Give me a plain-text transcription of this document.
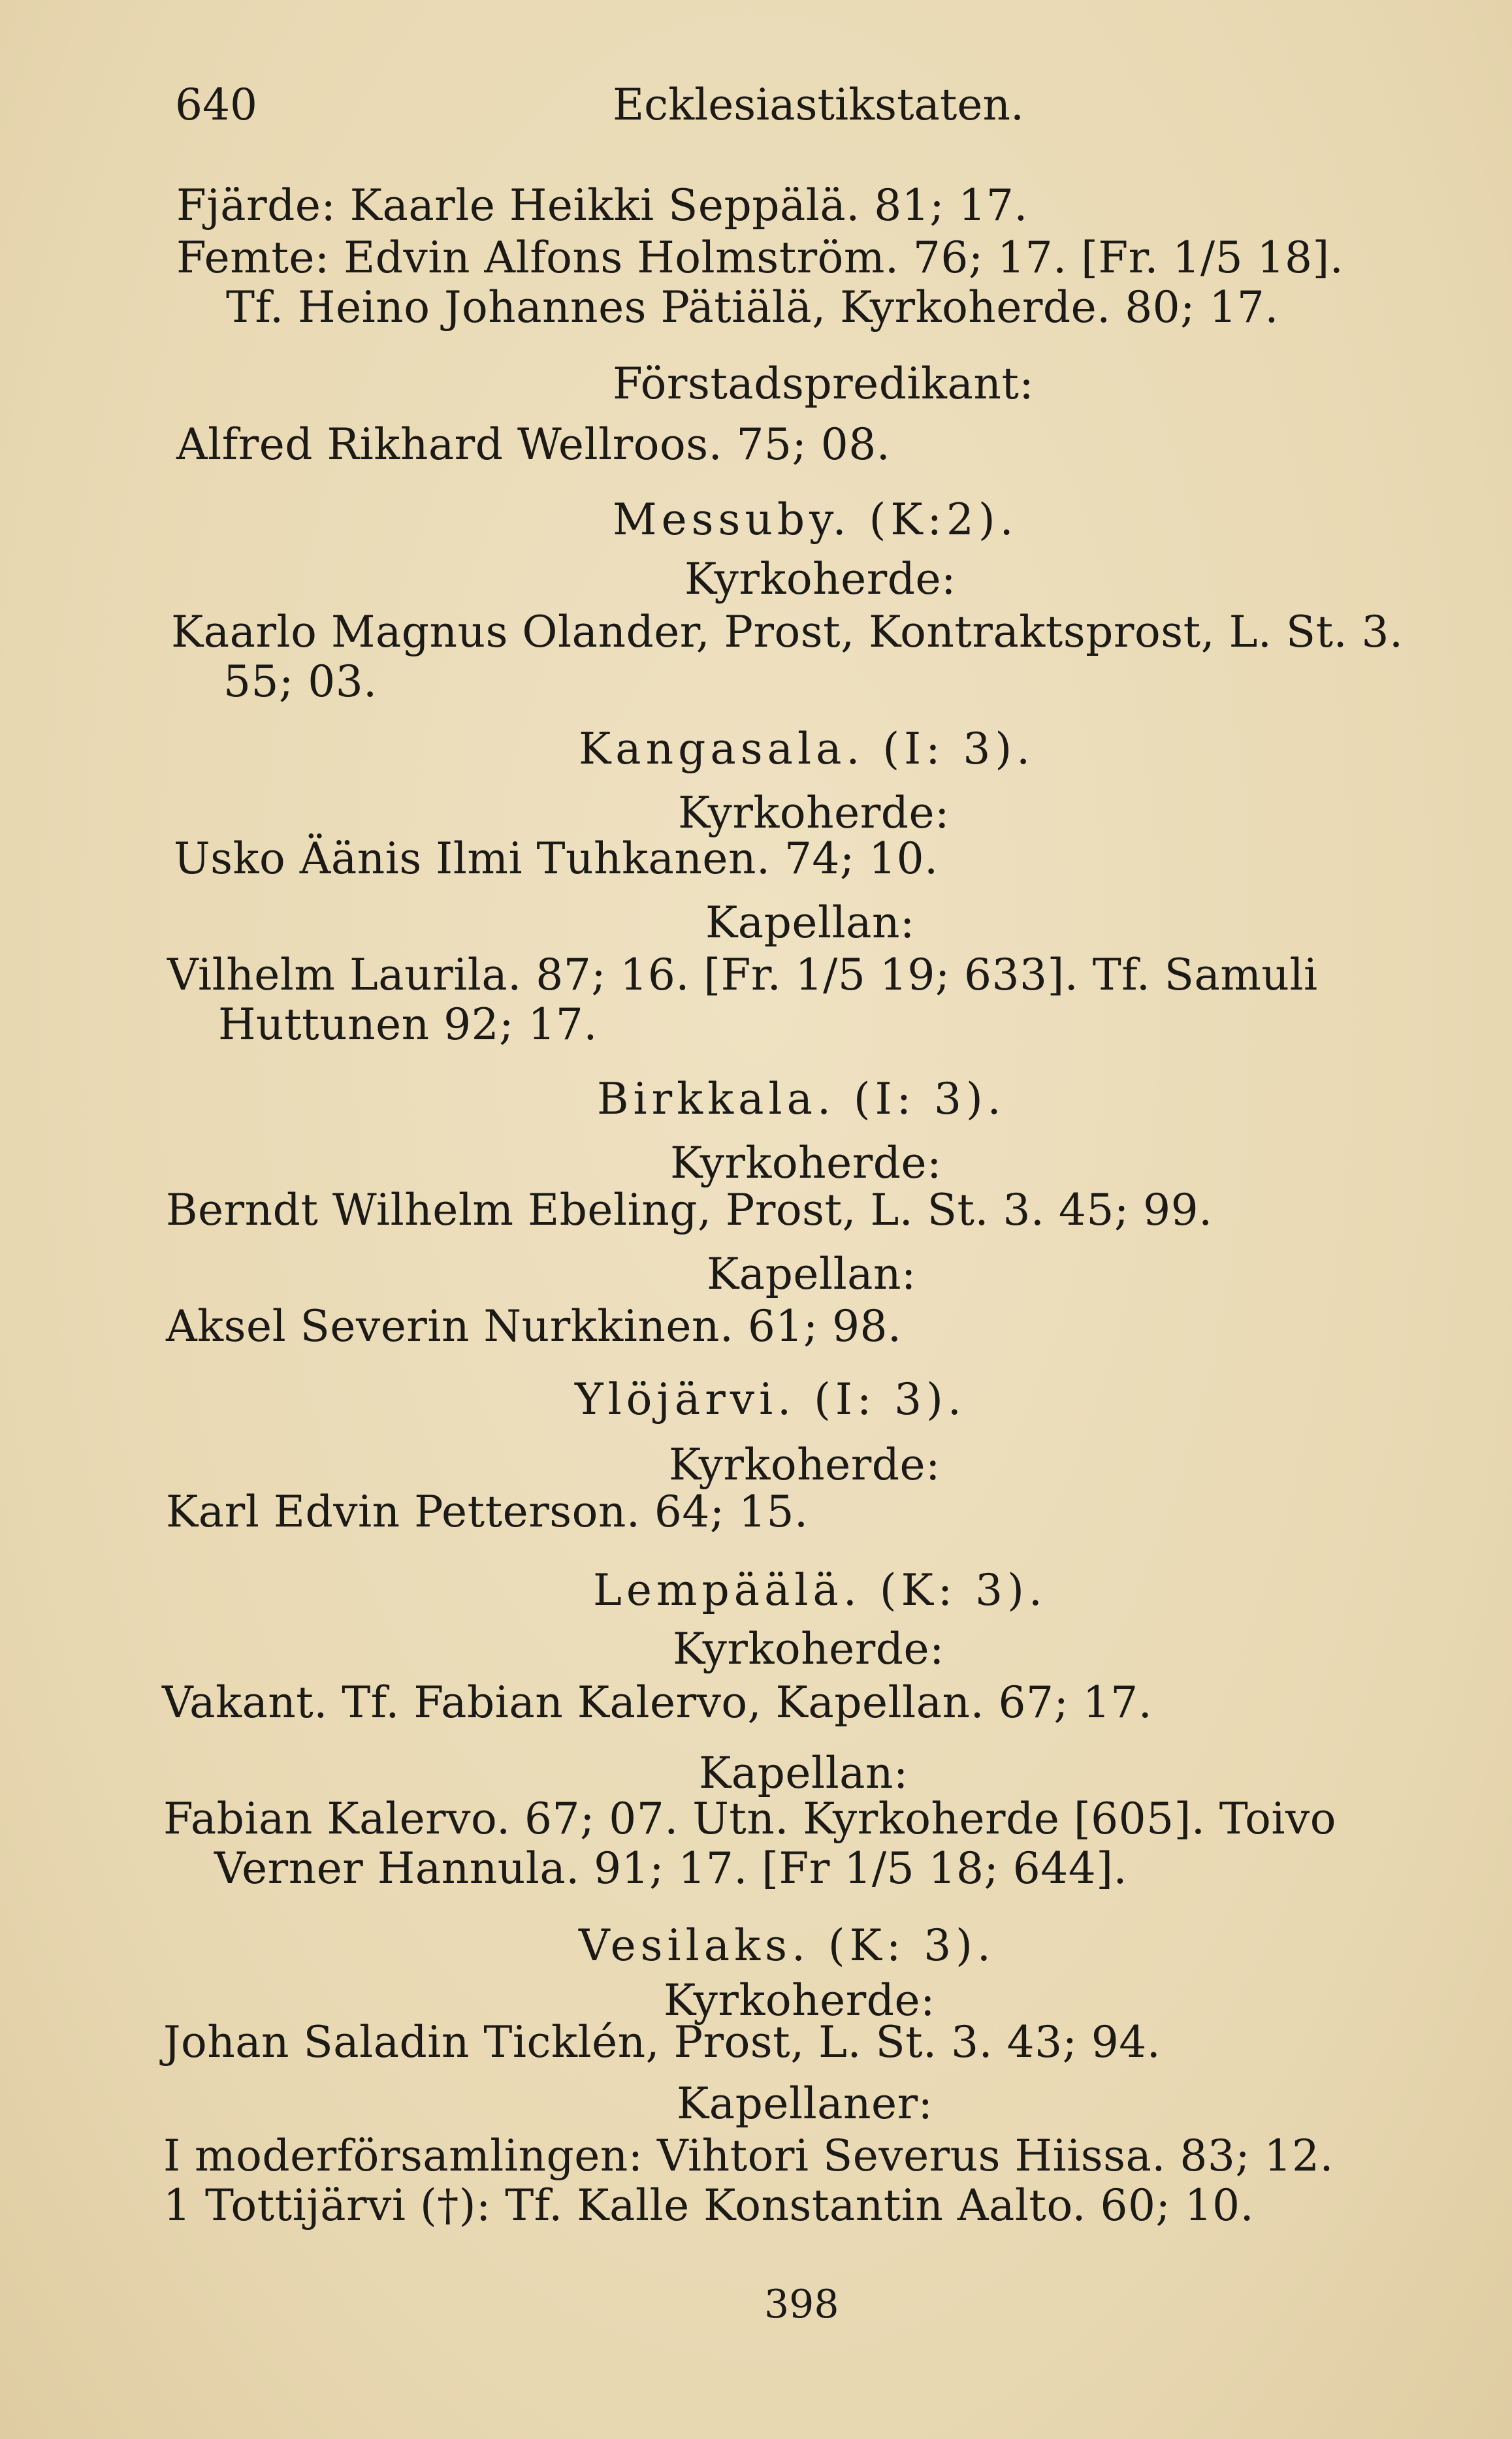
640	Ecklesiastikstaten.
Fjärde: Kaarle Heikki Seppälä. 81; 17.
Femte: Edvin Alfons Holmström. 76; 17. [Fr. 1/5 18].
Tf. Heino Johannes Pätiälä, Kyrkoherde. 80; 17.
Förstadspredikant:
Alfred Rikhard Wellroos. 75; 08.
Messuby. (K:2).
Kyrkoherde:
Kaarlo Magnus Olander, Prost, Kontraktsprost, L. St. 3.
55; 03.
Kangasala. (I: 3).
Kyrkoherde:
Usko Äänis Ilmi Tuhkanen. 74; 10.
Kapellan:
Vilhelm Laurila. 87; 16. [Fr. 1/5 19; 633]. Tf. Samuli
Huttunen 92; 17.
Birkkala. (I: 3).
Kyrkoherde:
Berndt Wilhelm Ebeling, Prost, L. St. 3. 45; 99.
Kapellan:
Aksel Severin Nurkkinen. 61; 98.
Ylöjärvi. (I: 3).
Kyrkoherde:
Karl Edvin Petterson. 64; 15.
Lempäälä. (K: 3).
Kyrkoherde:
Vakant. Tf. Fabian Kalervo, Kapellan. 67; 17.
Kapellan:
Fabian Kalervo. 67; 07. Utn. Kyrkoherde [605]. Toivo
Verner Hannula. 91; 17. [Fr 1/5 18; 644].
Vesilaks. (K: 3).
Kyrkoherde:
Johan Saladin Ticklén, Prost, L. St. 3. 43; 94.
Kapellaner:
I moderförsamlingen: Vihtori Severus Hiissa. 83; 12.
1 Tottijärvi (†): Tf. Kalle Konstantin Aalto. 60; 10.
398
